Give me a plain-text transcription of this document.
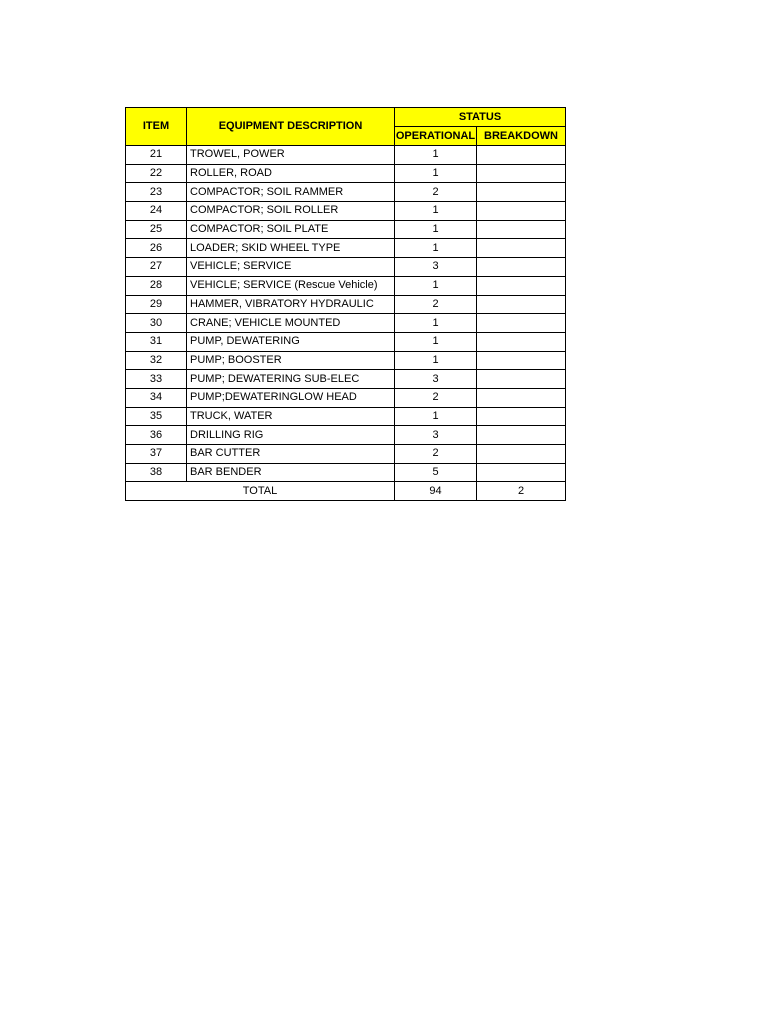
ITEM	EQUIPMENT DESCRIPTION	STATUS	
		OPERATIONAL	BREAKDOWN
21	TROWEL, POWER	1	
22	ROLLER, ROAD	1	
23	COMPACTOR; SOIL RAMMER	2	
24	COMPACTOR; SOIL ROLLER	1	
25	COMPACTOR; SOIL PLATE	1	
26	LOADER; SKID WHEEL TYPE	1	
27	VEHICLE; SERVICE	3	
28	VEHICLE; SERVICE (Rescue Vehicle)	1	
29	HAMMER, VIBRATORY HYDRAULIC	2	
30	CRANE; VEHICLE MOUNTED	1	
31	PUMP, DEWATERING	1	
32	PUMP; BOOSTER	1	
33	PUMP; DEWATERING SUB-ELEC	3	
34	PUMP;DEWATERINGLOW HEAD	2	
35	TRUCK, WATER	1	
36	DRILLING RIG	3	
37	BAR CUTTER	2	
38	BAR BENDER	5	
TOTAL		94	2
